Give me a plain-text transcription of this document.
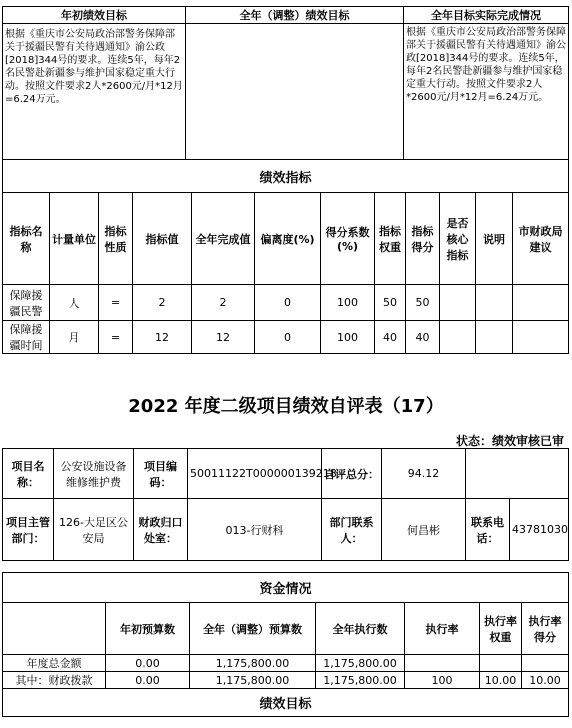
年初绩效目标	全年（调整）绩效目标	全年目标实际完成情况
根据《重庆市公安局政治部警务保障部关于援疆民警有关待遇通知》渝公政[2018]344号的要求。连续5年，每年2名民警赴新疆参与维护国家稳定重大行动。按照文件要求2人*2600元/月*12月=6.24万元。		根据《重庆市公安局政治部警务保障部关于援疆民警有关待遇通知》渝公政[2018]344号的要求。连续5年，每年2名民警赴新疆参与维护国家稳定重大行动。按照文件要求2人*2600元/月*12月=6.24万元。
绩效指标											
指标名称	计量单位	指标性质	指标值	全年完成值	偏离度(%)	得分系数(%)	指标权重	指标得分	是否核心指标	说明	市财政局建议
保障援疆民警	人	=	2	2	0	100	50	50			
保障援疆时间	月	=	12	12	0	100	40	40			
2022 年度二级项目绩效自评表（17）
状态：绩效审核已审
项目名称：	公安设施设备维修维护费	项目编码：	50011122T000000139218	自评总分：	94.12		
项目主管部门：	126-大足区公安局	财政归口处室：	013-行财科	部门联系人：	何昌彬	联系电话：	43781030
资金情况						
	年初预算数	全年（调整）预算数	全年执行数	执行率	执行率权重	执行率得分
年度总金额	0.00	1,175,800.00	1,175,800.00			
其中：财政拨款	0.00	1,175,800.00	1,175,800.00	100	10.00	10.00
绩效目标						
